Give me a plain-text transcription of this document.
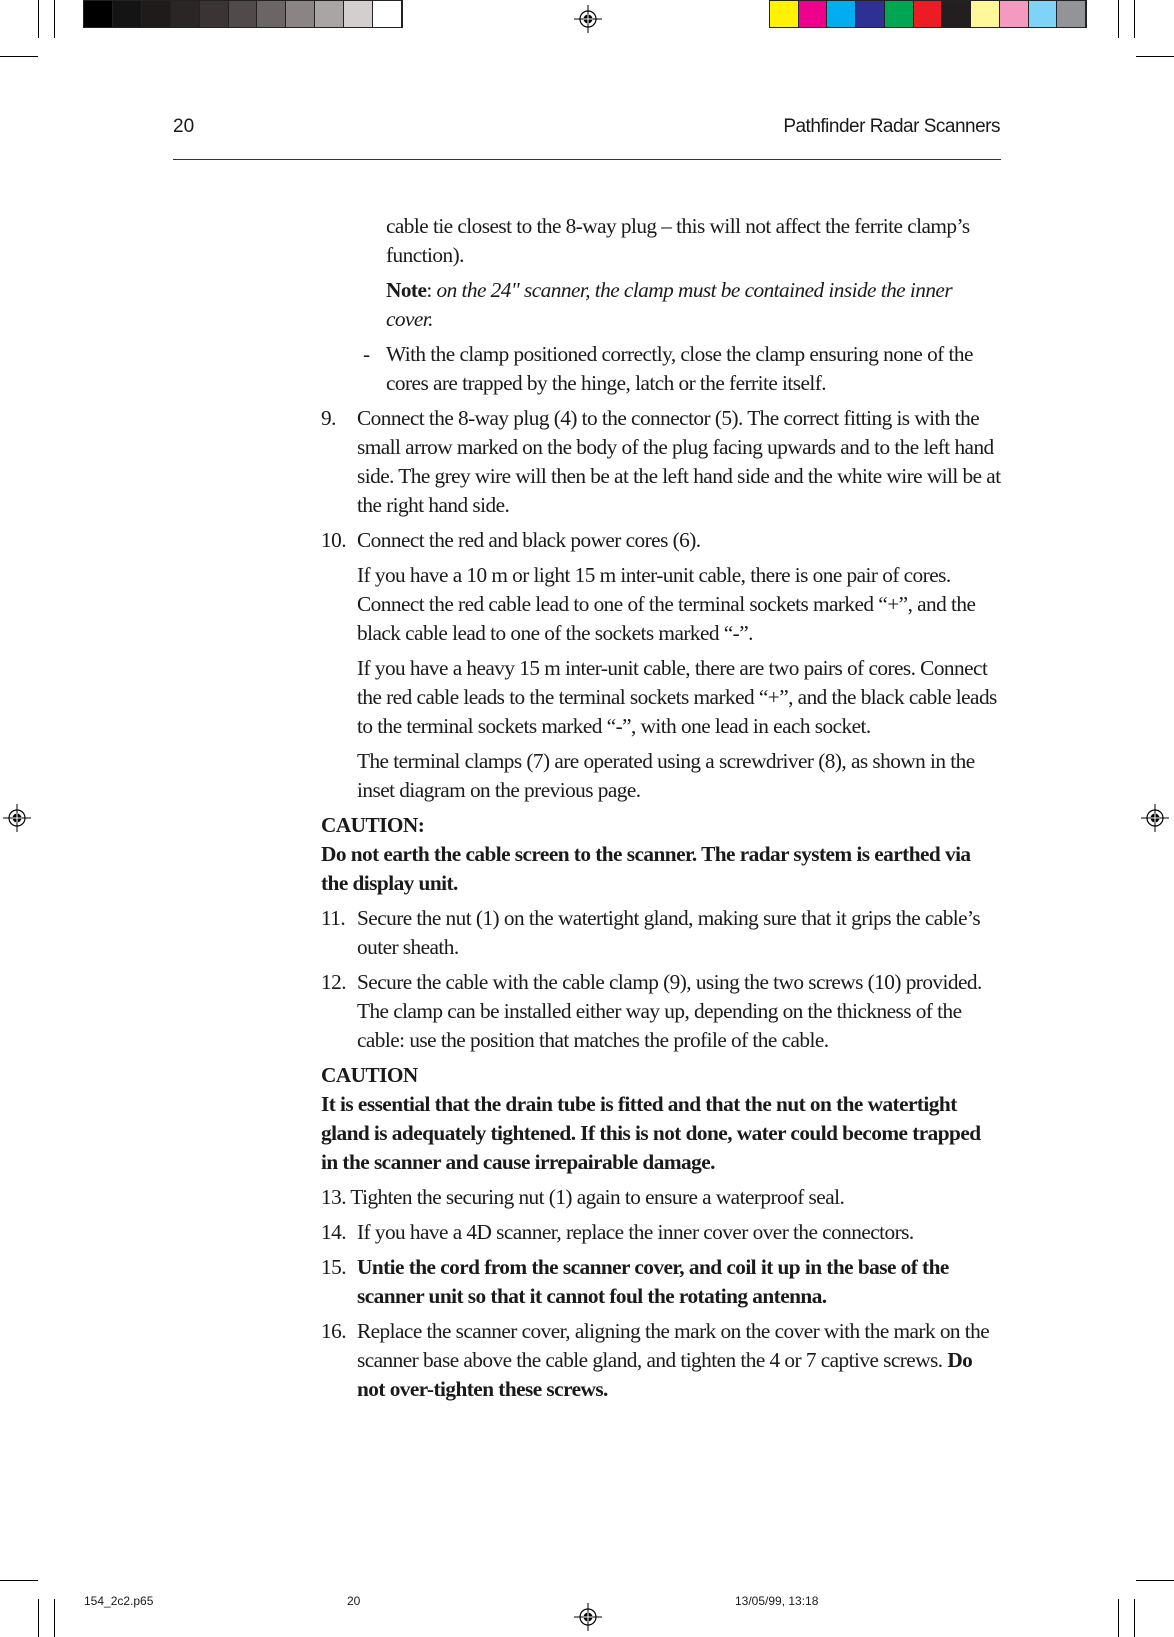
20	Pathfinder Radar Scanners

cable tie closest to the 8-way plug – this will not affect the ferrite clamp’s function).

Note: on the 24" scanner, the clamp must be contained inside the inner cover.

- With the clamp positioned correctly, close the clamp ensuring none of the cores are trapped by the hinge, latch or the ferrite itself.
9. Connect the 8-way plug (4) to the connector (5). The correct fitting is with the small arrow marked on the body of the plug facing upwards and to the left hand side. The grey wire will then be at the left hand side and the white wire will be at the right hand side.
10. Connect the red and black power cores (6).

If you have a 10 m or light 15 m inter-unit cable, there is one pair of cores. Connect the red cable lead to one of the terminal sockets marked “+”, and the black cable lead to one of the sockets marked “-”.

If you have a heavy 15 m inter-unit cable, there are two pairs of cores. Connect the red cable leads to the terminal sockets marked “+”, and the black cable leads to the terminal sockets marked “-”, with one lead in each socket.

The terminal clamps (7) are operated using a screwdriver (8), as shown in the inset diagram on the previous page.

CAUTION:
Do not earth the cable screen to the scanner. The radar system is earthed via the display unit.
11. Secure the nut (1) on the watertight gland, making sure that it grips the cable’s outer sheath.
12. Secure the cable with the cable clamp (9), using the two screws (10) provided. The clamp can be installed either way up, depending on the thickness of the cable: use the position that matches the profile of the cable.
CAUTION
It is essential that the drain tube is fitted and that the nut on the watertight gland is adequately tightened. If this is not done, water could become trapped in the scanner and cause irrepairable damage.

13. Tighten the securing nut (1) again to ensure a waterproof seal.

14. If you have a 4D scanner, replace the inner cover over the connectors.
15. Untie the cord from the scanner cover, and coil it up in the base of the scanner unit so that it cannot foul the rotating antenna.
16. Replace the scanner cover, aligning the mark on the cover with the mark on the scanner base above the cable gland, and tighten the 4 or 7 captive screws. Do not over-tighten these screws.
154_2c2.p65	20	13/05/99, 13:18
